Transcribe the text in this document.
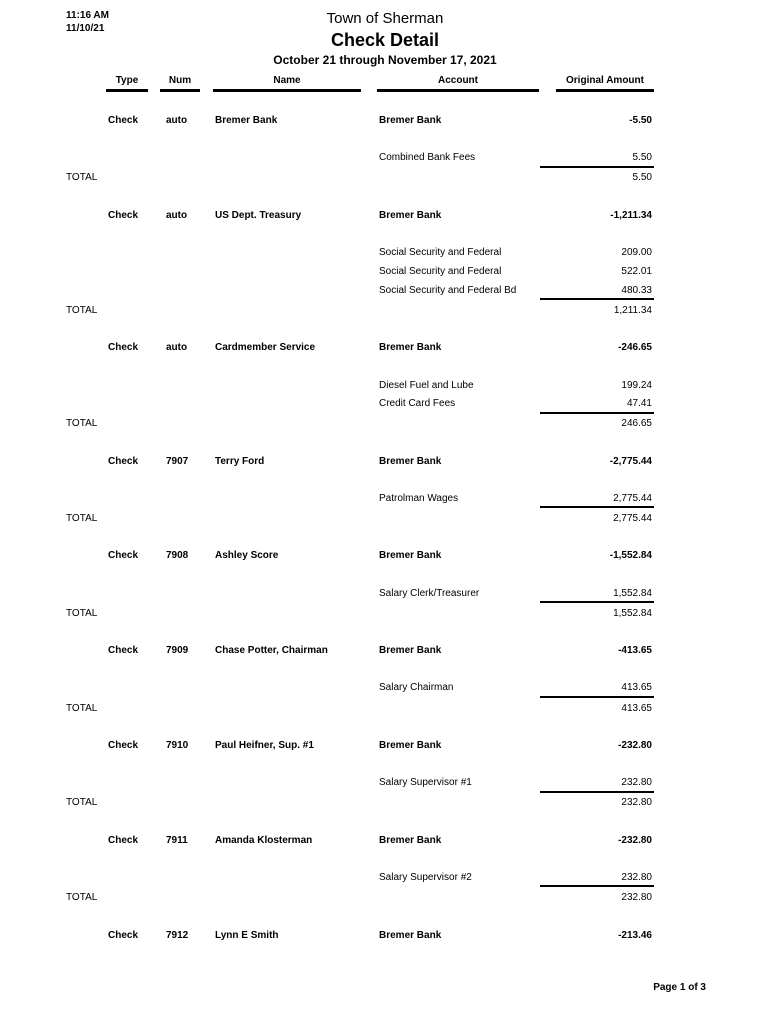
11:16 AM
11/10/21
Town of Sherman
Check Detail
October 21 through November 17, 2021
Type	Num	Name	Account	Original Amount
Check	auto	Bremer Bank	Bremer Bank	-5.50
Combined Bank Fees	5.50
TOTAL	5.50
Check	auto	US Dept. Treasury	Bremer Bank	-1,211.34
Social Security and Federal	209.00
Social Security and Federal	522.01
Social Security and Federal Bd	480.33
TOTAL	1,211.34
Check	auto	Cardmember Service	Bremer Bank	-246.65
Diesel Fuel and Lube	199.24
Credit Card Fees	47.41
TOTAL	246.65
Check	7907	Terry Ford	Bremer Bank	-2,775.44
Patrolman Wages	2,775.44
TOTAL	2,775.44
Check	7908	Ashley Score	Bremer Bank	-1,552.84
Salary Clerk/Treasurer	1,552.84
TOTAL	1,552.84
Check	7909	Chase Potter, Chairman	Bremer Bank	-413.65
Salary Chairman	413.65
TOTAL	413.65
Check	7910	Paul Heifner, Sup. #1	Bremer Bank	-232.80
Salary Supervisor #1	232.80
TOTAL	232.80
Check	7911	Amanda Klosterman	Bremer Bank	-232.80
Salary Supervisor #2	232.80
TOTAL	232.80
Check	7912	Lynn E Smith	Bremer Bank	-213.46
Page 1 of 3
